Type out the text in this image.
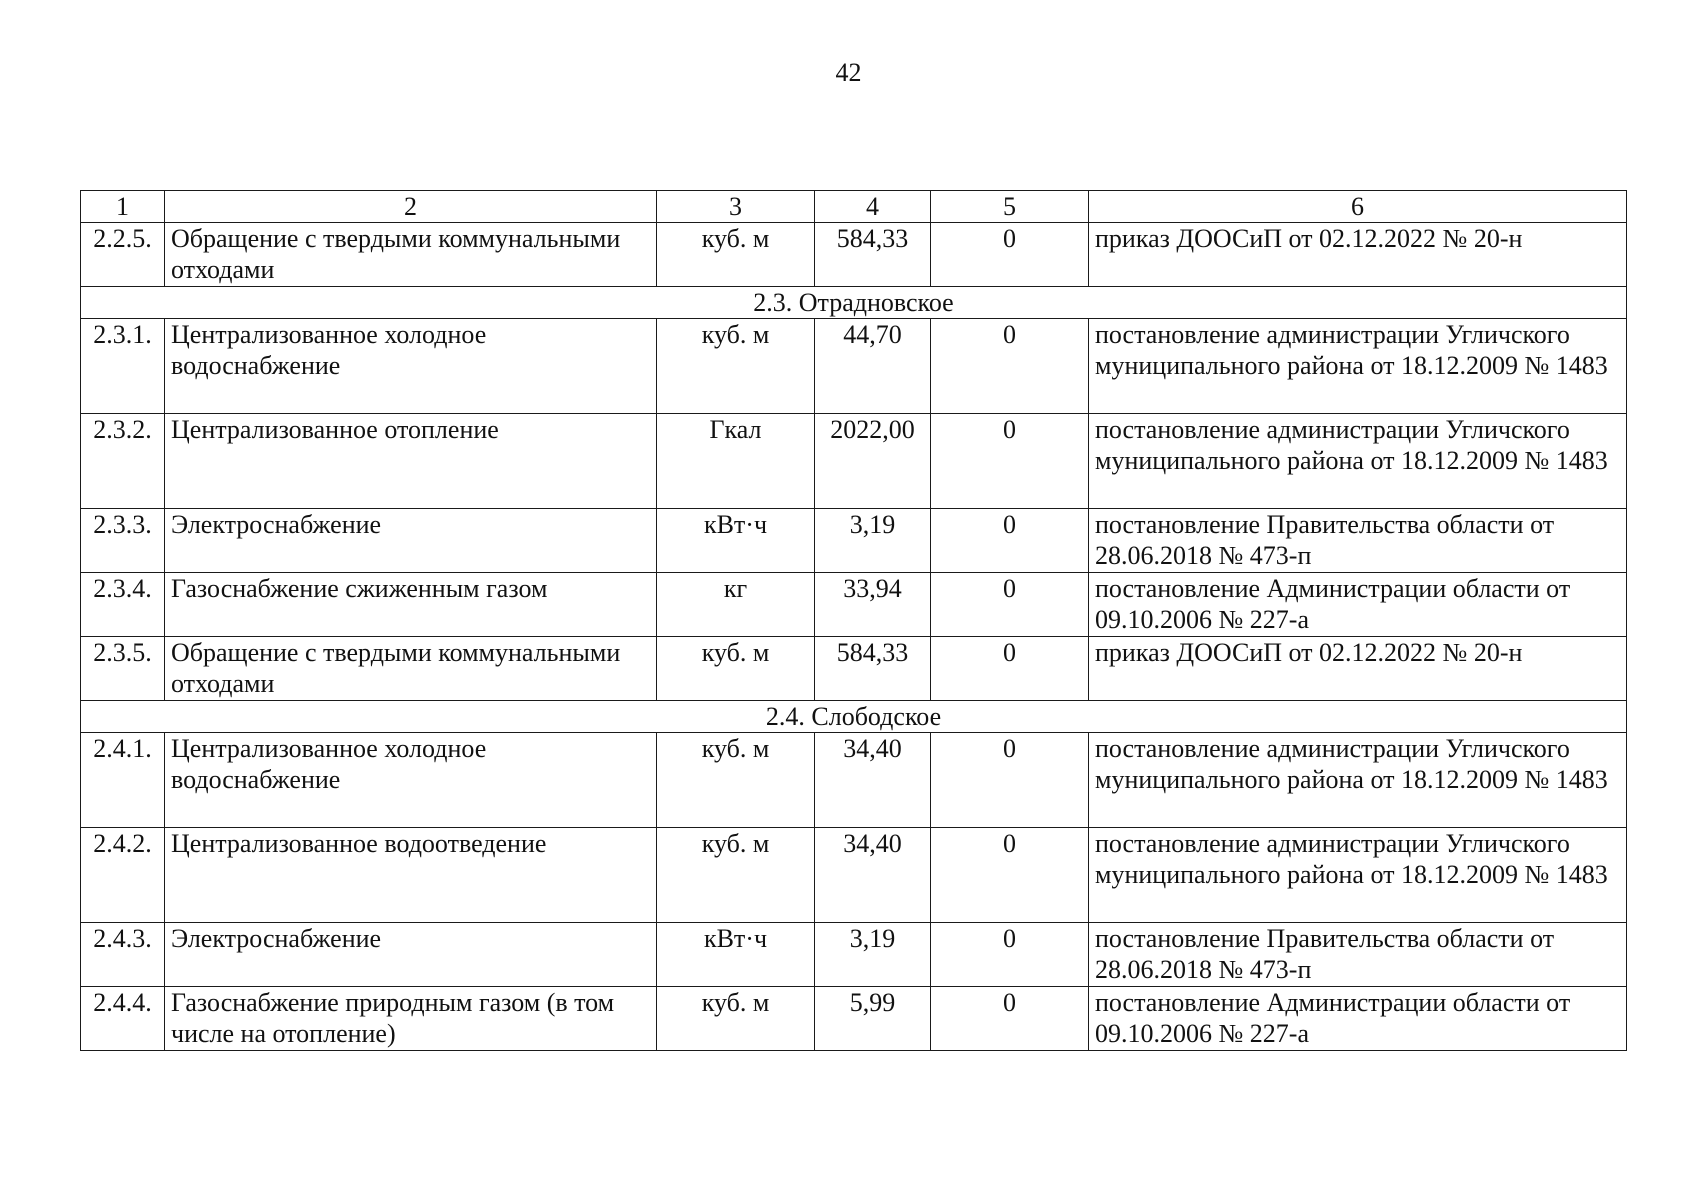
42
1	2	3	4	5	6
2.2.5.	Обращение с твердыми коммунальными отходами	куб. м	584,33	0	приказ ДООСиП от 02.12.2022 № 20-н
2.3. Отрадновское					
2.3.1.	Централизованное холодное водоснабжение	куб. м	44,70	0	постановление администрации Угличского муниципального района от 18.12.2009 № 1483
2.3.2.	Централизованное отопление	Гкал	2022,00	0	постановление администрации Угличского муниципального района от 18.12.2009 № 1483
2.3.3.	Электроснабжение	кВт·ч	3,19	0	постановление Правительства области от 28.06.2018 № 473-п
2.3.4.	Газоснабжение сжиженным газом	кг	33,94	0	постановление Администрации области от 09.10.2006 № 227-а
2.3.5.	Обращение с твердыми коммунальными отходами	куб. м	584,33	0	приказ ДООСиП от 02.12.2022 № 20-н
2.4. Слободское					
2.4.1.	Централизованное холодное водоснабжение	куб. м	34,40	0	постановление администрации Угличского муниципального района от 18.12.2009 № 1483
2.4.2.	Централизованное водоотведение	куб. м	34,40	0	постановление администрации Угличского муниципального района от 18.12.2009 № 1483
2.4.3.	Электроснабжение	кВт·ч	3,19	0	постановление Правительства области от 28.06.2018 № 473-п
2.4.4.	Газоснабжение природным газом (в том числе на отопление)	куб. м	5,99	0	постановление Администрации области от 09.10.2006 № 227-а
